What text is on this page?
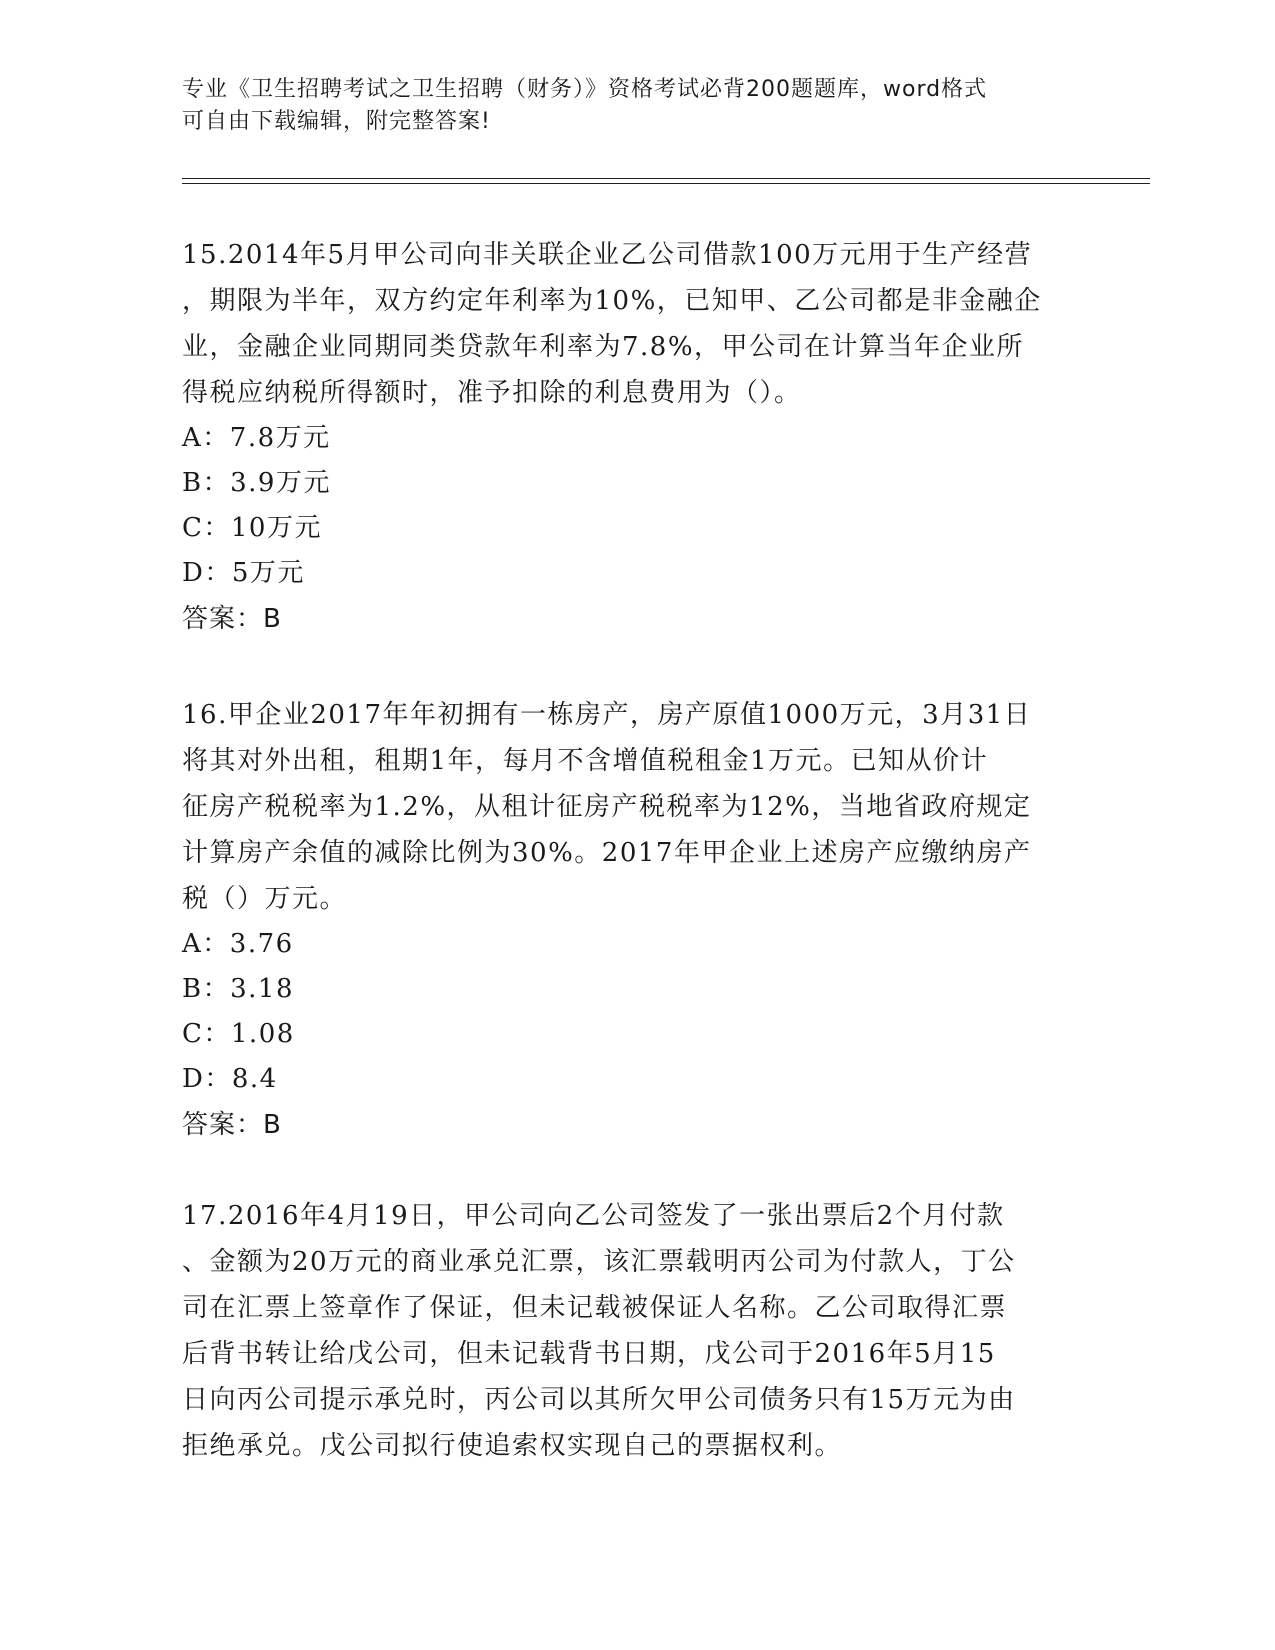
专业《卫生招聘考试之卫生招聘（财务）》资格考试必背200题题库，word格式
可自由下载编辑，附完整答案!
15.2014年5月甲公司向非关联企业乙公司借款100万元用于生产经营
，期限为半年，双方约定年利率为10%，已知甲、乙公司都是非金融企
业，金融企业同期同类贷款年利率为7.8%，甲公司在计算当年企业所
得税应纳税所得额时，准予扣除的利息费用为（）。
A：7.8万元
B：3.9万元
C：10万元
D：5万元
答案：B
16.甲企业2017年年初拥有一栋房产，房产原值1000万元，3月31日
将其对外出租，租期1年，每月不含增值税租金1万元。已知从价计
征房产税税率为1.2%，从租计征房产税税率为12%，当地省政府规定
计算房产余值的减除比例为30%。2017年甲企业上述房产应缴纳房产
税（）万元。
A：3.76
B：3.18
C：1.08
D：8.4
答案：B
17.2016年4月19日，甲公司向乙公司签发了一张出票后2个月付款
、金额为20万元的商业承兑汇票，该汇票载明丙公司为付款人，丁公
司在汇票上签章作了保证，但未记载被保证人名称。乙公司取得汇票
后背书转让给戊公司，但未记载背书日期，戊公司于2016年5月15
日向丙公司提示承兑时，丙公司以其所欠甲公司债务只有15万元为由
拒绝承兑。戊公司拟行使追索权实现自己的票据权利。
